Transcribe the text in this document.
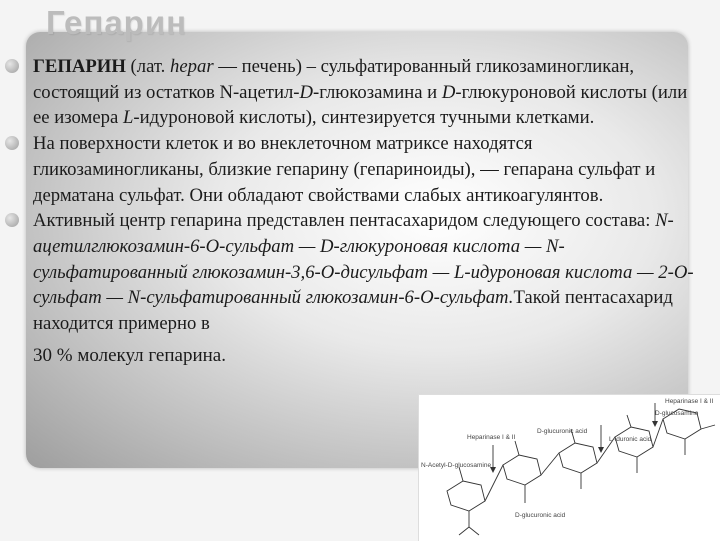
Гепарин
ГЕПАРИН (лат. hepar — печень) – сульфатированный гликозаминогликан, состоящий из остатков N-ацетил-D-глюкозамина и D-глюкуроновой кислоты (или ее изомера L-идуроновой кислоты), синтезируется тучными клетками.
На поверхности клеток и во внеклеточном матриксе находятся гликозаминогликаны, близкие гепарину (гепариноиды), — гепарана сульфат и дерматана сульфат. Они обладают свойствами слабых антикоагулянтов.
Активный центр гепарина представлен пентасахаридом следующего состава: N-ацетилглюкозамин-6-О-сульфат — D-глюкуроновая кислота — N-сульфатированный глюкозамин-3,6-О-дисульфат — L-идуроновая кислота — 2-О-сульфат — N-сульфатированный глюкозамин-6-О-сульфат.Такой пентасахарид находится примерно в
30 % молекул гепарина.
Heparinase I & II
Heparinase I & II
D-glucosamine
D-glucuronic acid
L-iduronic acid
N-Acetyl-D-glucosamine
D-glucuronic acid
